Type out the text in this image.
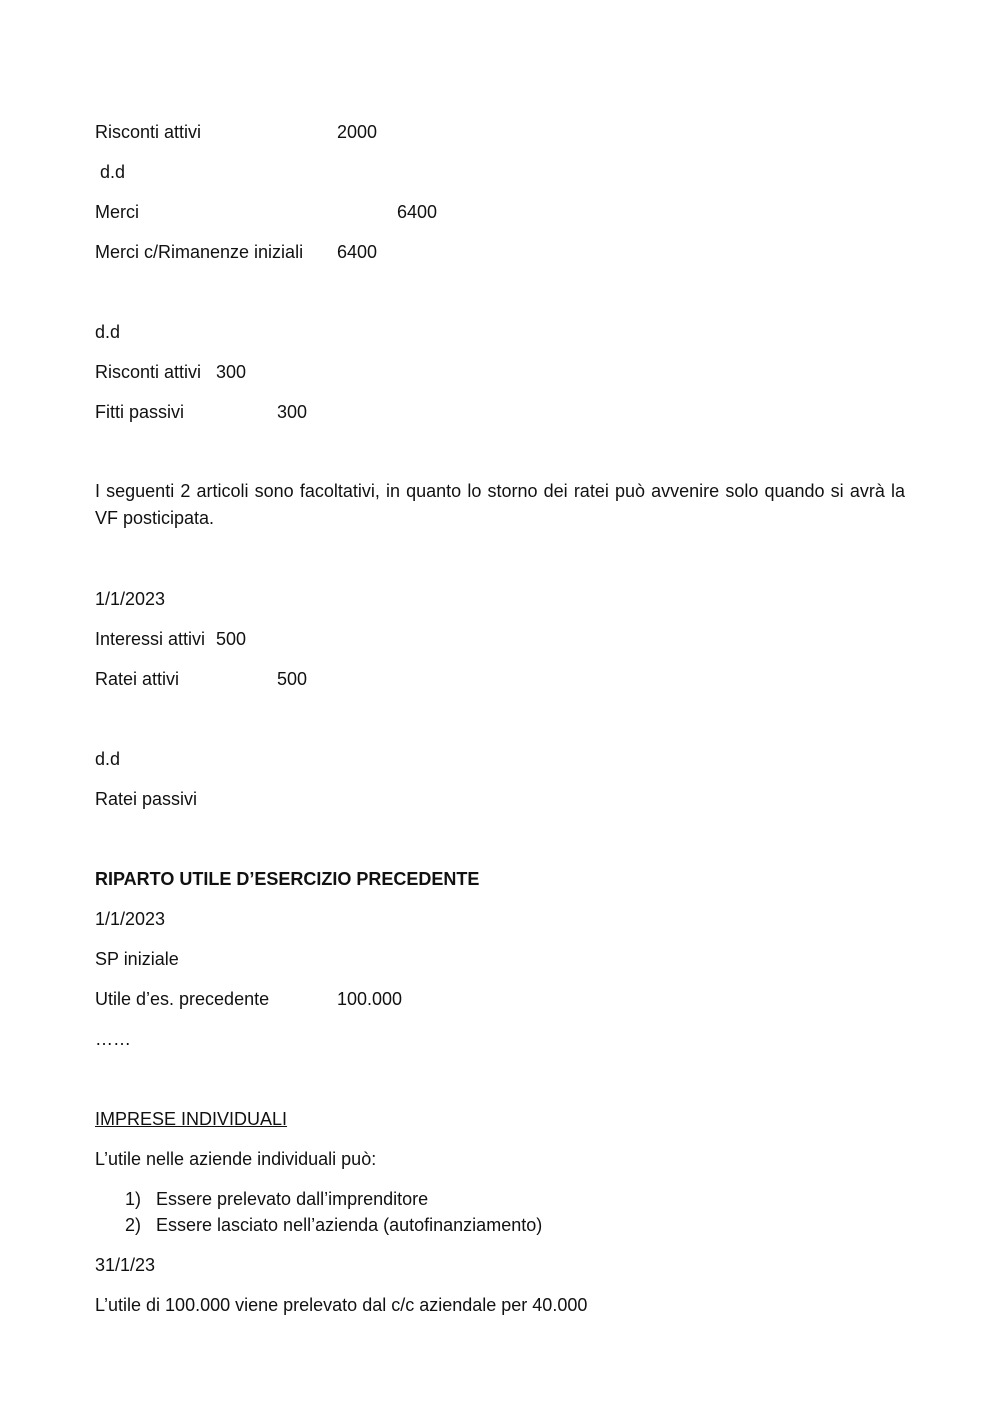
Risconti attivi	2000
d.d
Merci	6400
Merci c/Rimanenze iniziali 6400
d.d
Risconti attivi 300
Fitti passivi	300
I seguenti 2 articoli sono facoltativi, in quanto lo storno dei ratei può avvenire solo quando si avrà la VF posticipata.
1/1/2023
Interessi attivi 500
Ratei attivi	500
d.d
Ratei passivi
RIPARTO UTILE D’ESERCIZIO PRECEDENTE
1/1/2023
SP iniziale
Utile d’es. precedente	100.000
……
IMPRESE INDIVIDUALI
L’utile nelle aziende individuali può:
1) Essere prelevato dall’imprenditore
2) Essere lasciato nell’azienda (autofinanziamento)
31/1/23
L’utile di 100.000 viene prelevato dal c/c aziendale per 40.000
